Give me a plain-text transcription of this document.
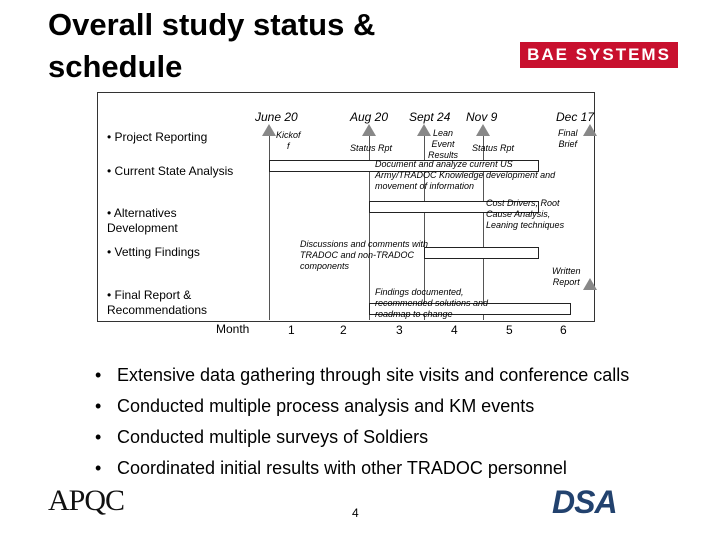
Overall study status &
schedule	BAE SYSTEMS
June 20	Aug 20 Sept 24 Nov 9	Dec 17
Kickof
f	Status Rpt
Lean
Event
Results
Status Rpt
Final
Brief
Written
Report
• Project Reporting
• Current State Analysis
• Alternatives Development
• Vetting Findings
• Final Report & Recommendations
Document and analyze current US
Army/TRADOC Knowledge development and
movement of information
Cost Drivers, Root
Cause Analysis,
Leaning techniques
Discussions and comments with
TRADOC and non-TRADOC
components
Findings documented,
recommended solutions and
roadmap to change
Month	1	2	3	4	5	6
• Extensive data gathering through site visits and conference calls
• Conducted multiple process analysis and KM events
• Conducted multiple surveys of Soldiers
• Coordinated initial results with other TRADOC personnel
APQC	4	DSA
